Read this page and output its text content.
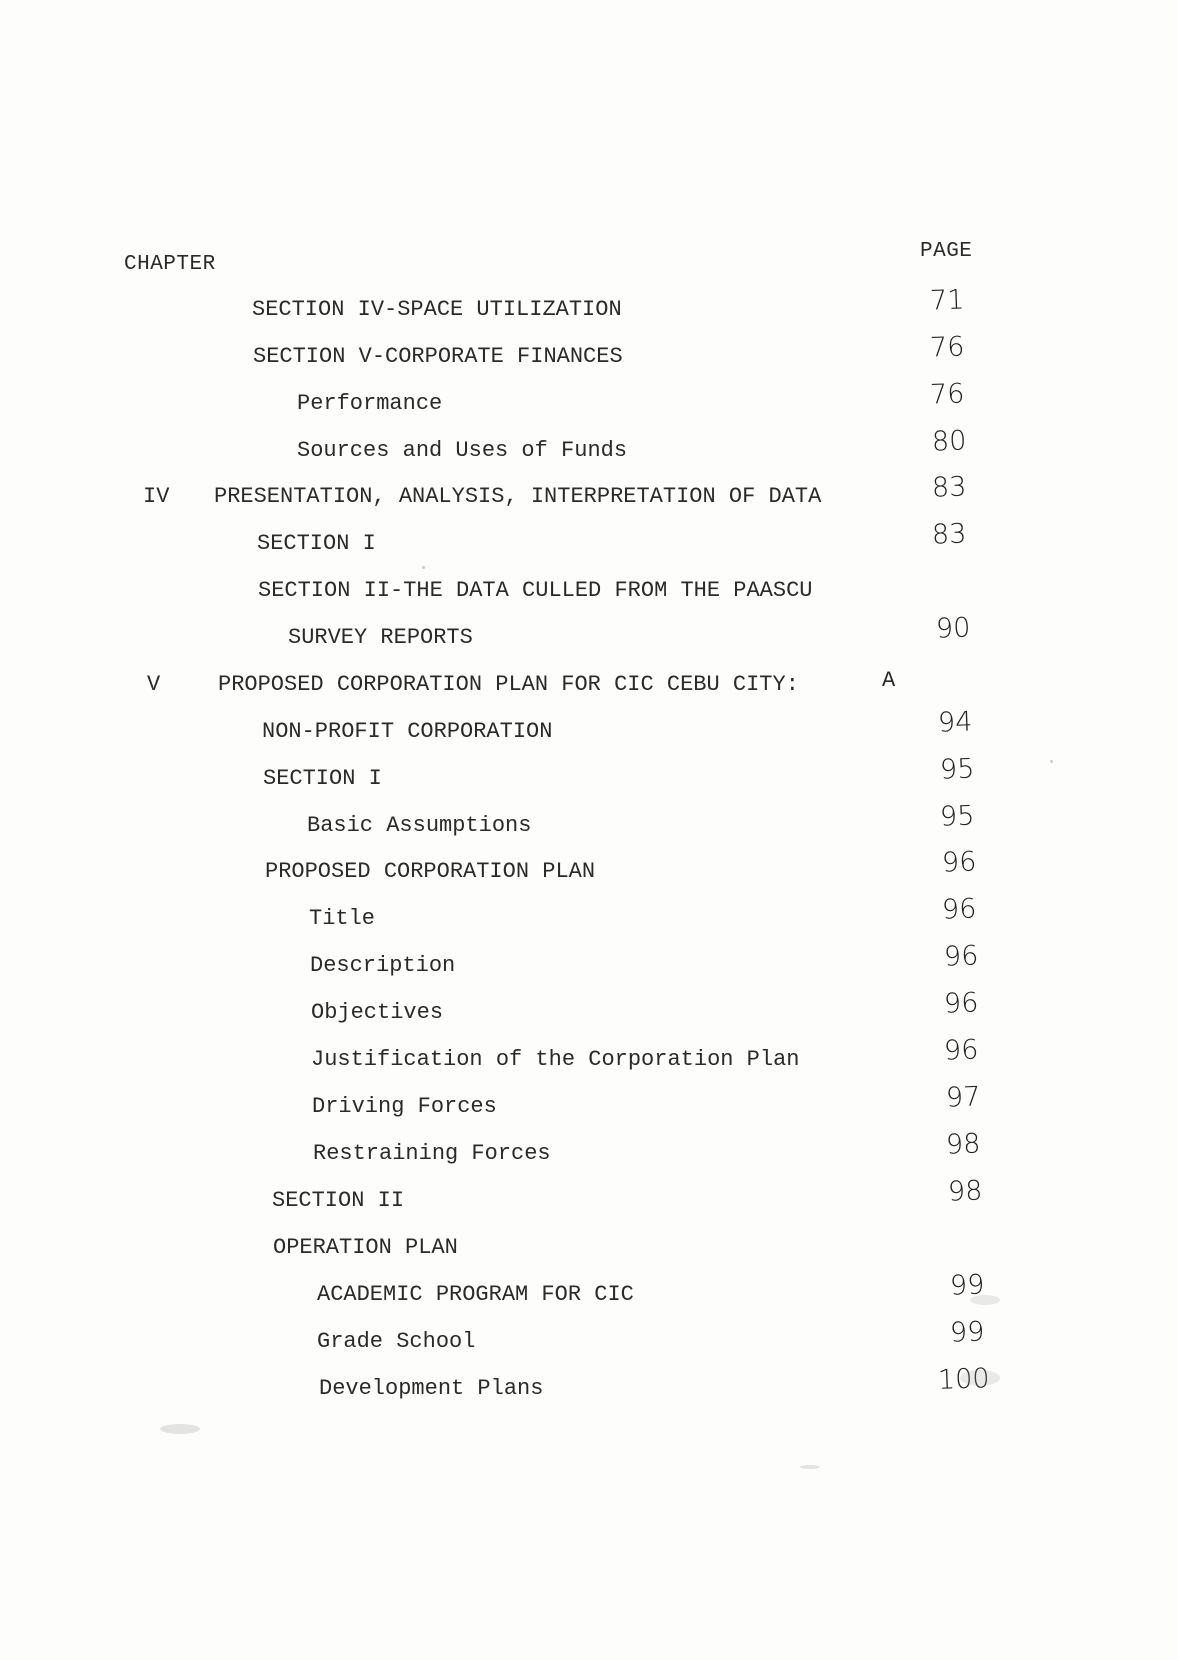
CHAPTER
PAGE
SECTION IV-SPACE UTILIZATION	71
SECTION V-CORPORATE FINANCES	76
Performance	76
Sources and Uses of Funds	80
IV PRESENTATION, ANALYSIS, INTERPRETATION OF DATA	83
SECTION I	83
SECTION II-THE DATA CULLED FROM THE PAASCU
SURVEY REPORTS	90
V	PROPOSED CORPORATION PLAN FOR CIC CEBU CITY:	A
NON-PROFIT CORPORATION	94
SECTION I	95
Basic Assumptions	95
PROPOSED CORPORATION PLAN	96
Title	96
Description	96
Objectives	96
Justification of the Corporation Plan	96
Driving Forces	97
Restraining Forces	98
SECTION II	98
OPERATION PLAN
ACADEMIC PROGRAM FOR CIC	99
Grade School	99
Development Plans	100
